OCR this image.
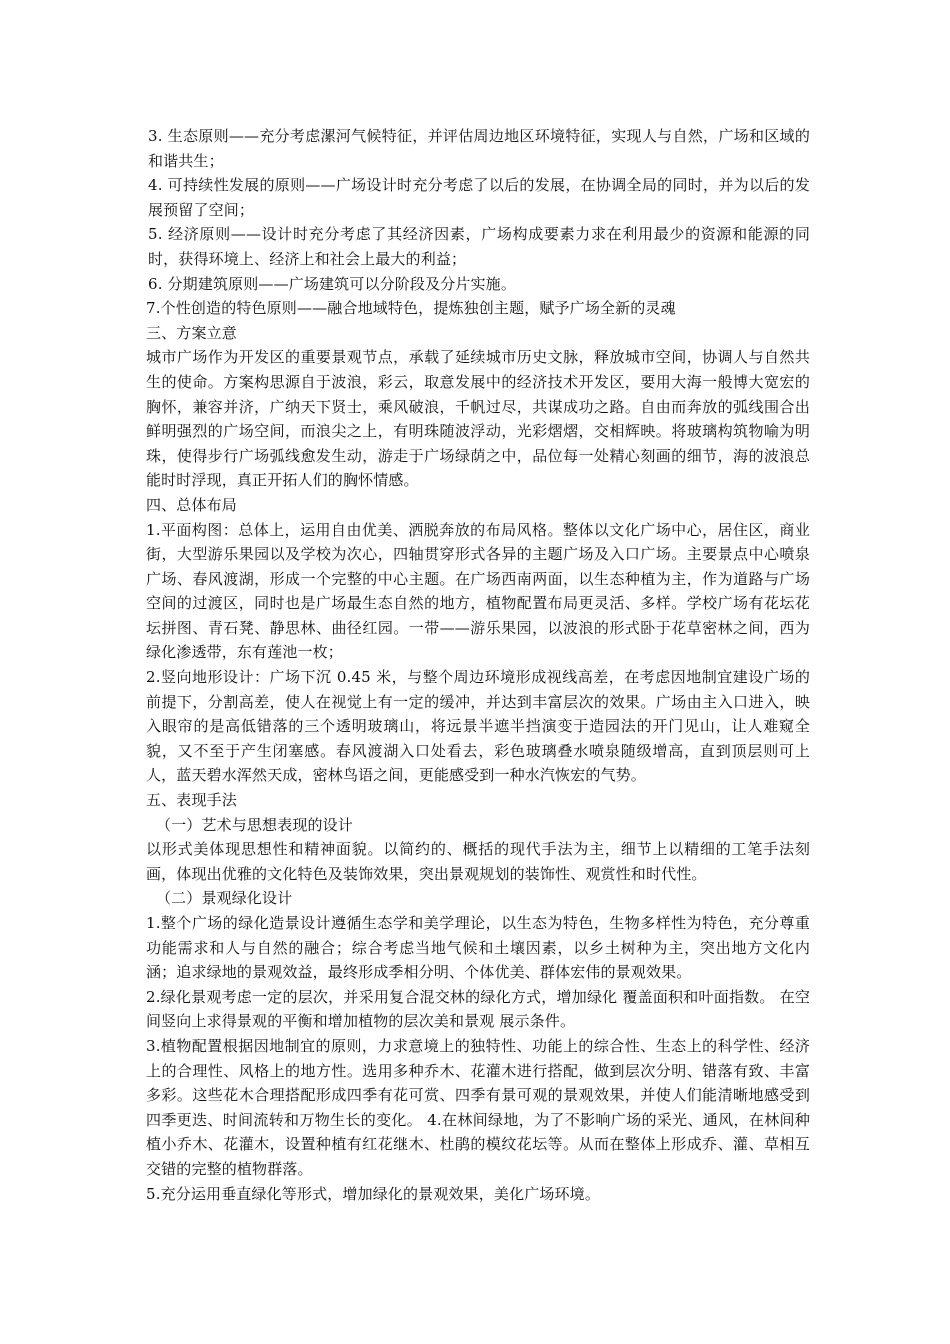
3. 生态原则——充分考虑漯河气候特征，并评估周边地区环境特征，实现人与自然，广场和区域的和谐共生；

4. 可持续性发展的原则——广场设计时充分考虑了以后的发展，在协调全局的同时，并为以后的发展预留了空间；

5. 经济原则——设计时充分考虑了其经济因素，广场构成要素力求在利用最少的资源和能源的同时，获得环境上、经济上和社会上最大的利益；

6. 分期建筑原则——广场建筑可以分阶段及分片实施。

7.个性创造的特色原则——融合地域特色，提炼独创主题，赋予广场全新的灵魂

三、方案立意

城市广场作为开发区的重要景观节点，承载了延续城市历史文脉，释放城市空间，协调人与自然共生的使命。方案构思源自于波浪，彩云，取意发展中的经济技术开发区，要用大海一般博大宽宏的胸怀，兼容并济，广纳天下贤士，乘风破浪，千帆过尽，共谋成功之路。自由而奔放的弧线围合出鲜明强烈的广场空间，而浪尖之上，有明珠随波浮动，光彩熠熠，交相辉映。将玻璃构筑物喻为明珠，使得步行广场弧线愈发生动，游走于广场绿荫之中，品位每一处精心刻画的细节，海的波浪总能时时浮现，真正开拓人们的胸怀情感。

四、总体布局

1.平面构图：总体上，运用自由优美、洒脱奔放的布局风格。整体以文化广场中心，居住区，商业街，大型游乐果园以及学校为次心，四轴贯穿形式各异的主题广场及入口广场。主要景点中心喷泉广场、春风渡湖，形成一个完整的中心主题。在广场西南两面，以生态种植为主，作为道路与广场空间的过渡区，同时也是广场最生态自然的地方，植物配置布局更灵活、多样。学校广场有花坛花坛拼图、青石凳、静思林、曲径红园。一带——游乐果园，以波浪的形式卧于花草密林之间，西为绿化渗透带，东有莲池一枚；

2.竖向地形设计：广场下沉 0.45 米，与整个周边环境形成视线高差，在考虑因地制宜建设广场的前提下，分割高差，使人在视觉上有一定的缓冲，并达到丰富层次的效果。广场由主入口进入，映入眼帘的是高低错落的三个透明玻璃山，将远景半遮半挡演变于造园法的开门见山，让人难窥全貌，又不至于产生闭塞感。春风渡湖入口处看去，彩色玻璃叠水喷泉随级增高，直到顶层则可上人，蓝天碧水浑然天成，密林鸟语之间，更能感受到一种水汽恢宏的气势。

五、表现手法

（一）艺术与思想表现的设计

以形式美体现思想性和精神面貌。以简约的、概括的现代手法为主，细节上以精细的工笔手法刻画，体现出优雅的文化特色及装饰效果，突出景观规划的装饰性、观赏性和时代性。

（二）景观绿化设计

1.整个广场的绿化造景设计遵循生态学和美学理论，以生态为特色，生物多样性为特色，充分尊重功能需求和人与自然的融合；综合考虑当地气候和土壤因素，以乡土树种为主，突出地方文化内涵；追求绿地的景观效益，最终形成季相分明、个体优美、群体宏伟的景观效果。

2.绿化景观考虑一定的层次，并采用复合混交林的绿化方式，增加绿化 覆盖面积和叶面指数。 在空间竖向上求得景观的平衡和增加植物的层次美和景观 展示条件。

3.植物配置根据因地制宜的原则，力求意境上的独特性、功能上的综合性、生态上的科学性、经济上的合理性、风格上的地方性。选用多种乔木、花灌木进行搭配，做到层次分明、错落有致、丰富多彩。这些花木合理搭配形成四季有花可赏、四季有景可观的景观效果，并使人们能清晰地感受到四季更迭、时间流转和万物生长的变化。 4.在林间绿地，为了不影响广场的采光、通风，在林间种植小乔木、花灌木，设置种植有红花继木、杜鹃的模纹花坛等。从而在整体上形成乔、灌、草相互交错的完整的植物群落。

5.充分运用垂直绿化等形式，增加绿化的景观效果，美化广场环境。
